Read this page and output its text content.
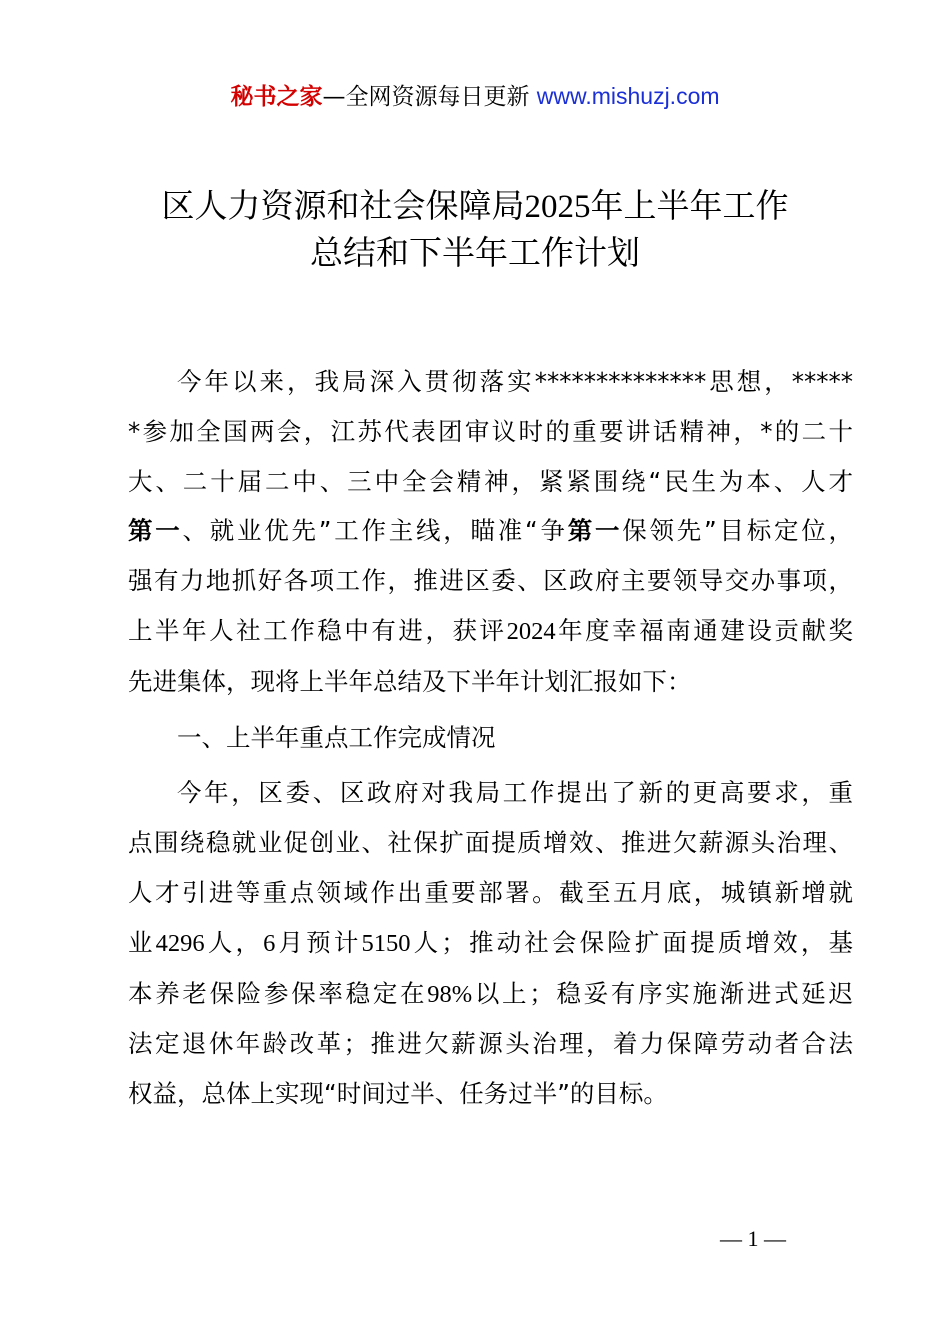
秘书之家—全网资源每日更新 www.mishuzj.com
区人力资源和社会保障局2025年上半年工作
总结和下半年工作计划
今年以来，我局深入贯彻落实**************思想，*****
*参加全国两会，江苏代表团审议时的重要讲话精神，*的二十
大、二十届二中、三中全会精神，紧紧围绕“民生为本、人才
第一、就业优先”工作主线，瞄准“争第一保领先”目标定位，
强有力地抓好各项工作，推进区委、区政府主要领导交办事项，
上半年人社工作稳中有进，获评2024年度幸福南通建设贡献奖
先进集体，现将上半年总结及下半年计划汇报如下：
一、上半年重点工作完成情况
今年，区委、区政府对我局工作提出了新的更高要求，重
点围绕稳就业促创业、社保扩面提质增效、推进欠薪源头治理、
人才引进等重点领域作出重要部署。截至五月底，城镇新增就
业4296人，6月预计5150人；推动社会保险扩面提质增效，基
本养老保险参保率稳定在98%以上；稳妥有序实施渐进式延迟
法定退休年龄改革；推进欠薪源头治理，着力保障劳动者合法
权益，总体上实现“时间过半、任务过半”的目标。
— 1 —
